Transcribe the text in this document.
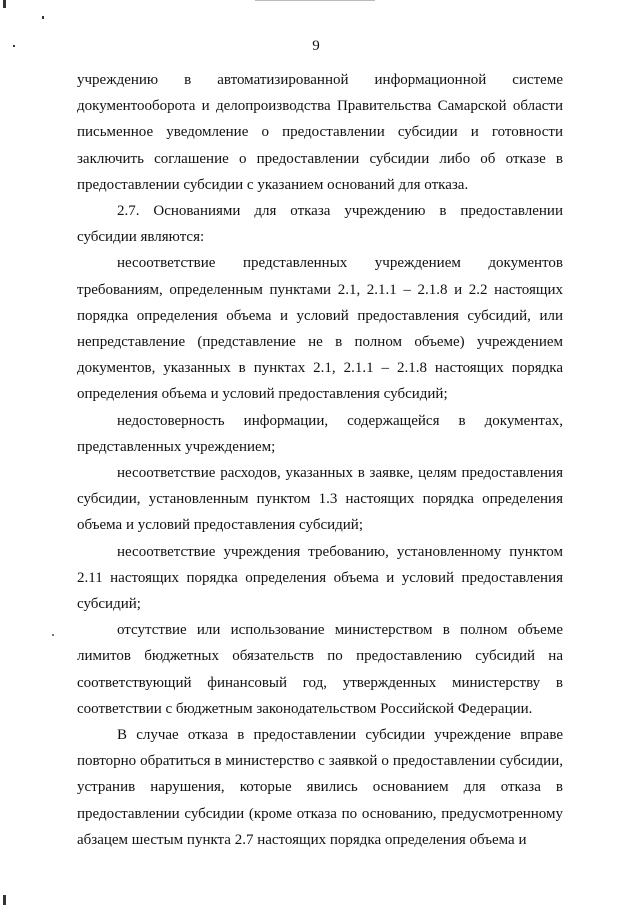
9

учреждению в автоматизированной информационной системе документооборота и делопроизводства Правительства Самарской области письменное уведомление о предоставлении субсидии и готовности заключить соглашение о предоставлении субсидии либо об отказе в предоставлении субсидии с указанием оснований для отказа.

2.7. Основаниями для отказа учреждению в предоставлении субсидии являются:

несоответствие представленных учреждением документов требованиям, определенным пунктами 2.1, 2.1.1 – 2.1.8 и 2.2 настоящих порядка определения объема и условий предоставления субсидий, или непредставление (представление не в полном объеме) учреждением документов, указанных в пунктах 2.1, 2.1.1 – 2.1.8 настоящих порядка определения объема и условий предоставления субсидий;

недостоверность информации, содержащейся в документах, представленных учреждением;

несоответствие расходов, указанных в заявке, целям предоставления субсидии, установленным пунктом 1.3 настоящих порядка определения объема и условий предоставления субсидий;

несоответствие учреждения требованию, установленному пунктом 2.11 настоящих порядка определения объема и условий предоставления субсидий;

отсутствие или использование министерством в полном объеме лимитов бюджетных обязательств по предоставлению субсидий на соответствующий финансовый год, утвержденных министерству в соответствии с бюджетным законодательством Российской Федерации.

В случае отказа в предоставлении субсидии учреждение вправе повторно обратиться в министерство с заявкой о предоставлении субсидии, устранив нарушения, которые явились основанием для отказа в предоставлении субсидии (кроме отказа по основанию, предусмотренному абзацем шестым пункта 2.7 настоящих порядка определения объема и
